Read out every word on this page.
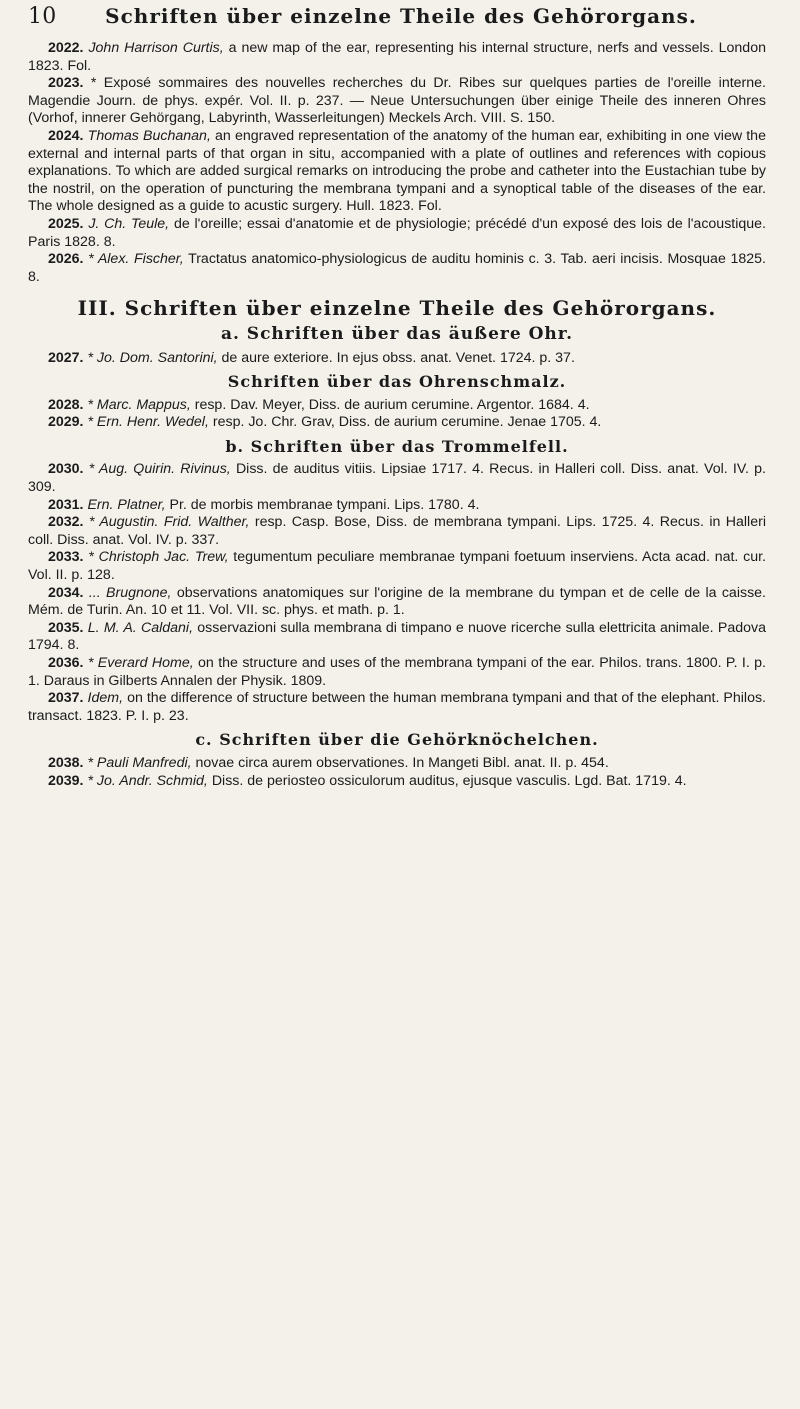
10	Schriften über einzelne Theile des Gehörorgans.

2022. John Harrison Curtis, a new map of the ear, representing his internal structure, nerfs and vessels. London 1823. Fol.

2023. * Exposé sommaires des nouvelles recherches du Dr. Ribes sur quelques parties de l'oreille interne. Magendie Journ. de phys. expér. Vol. II. p. 237. — Neue Untersuchungen über einige Theile des inneren Ohres (Vorhof, innerer Gehörgang, Labyrinth, Wasserleitungen) Meckels Arch. VIII. S. 150.

2024. Thomas Buchanan, an engraved representation of the anatomy of the human ear, exhibiting in one view the external and internal parts of that organ in situ, accompanied with a plate of outlines and references with copious explanations. To which are added surgical remarks on introducing the probe and catheter into the Eustachian tube by the nostril, on the operation of puncturing the membrana tympani and a synoptical table of the diseases of the ear. The whole designed as a guide to acustic surgery. Hull. 1823. Fol.

2025. J. Ch. Teule, de l'oreille; essai d'anatomie et de physiologie; précédé d'un exposé des lois de l'acoustique. Paris 1828. 8.

2026. * Alex. Fischer, Tractatus anatomico-physiologicus de auditu hominis c. 3. Tab. aeri incisis. Mosquae 1825. 8.

III. Schriften über einzelne Theile des Gehörorgans.
a. Schriften über das äußere Ohr.

2027. * Jo. Dom. Santorini, de aure exteriore. In ejus obss. anat. Venet. 1724. p. 37.

Schriften über das Ohrenschmalz.

2028. * Marc. Mappus, resp. Dav. Meyer, Diss. de aurium cerumine. Argentor. 1684. 4.

2029. * Ern. Henr. Wedel, resp. Jo. Chr. Grav, Diss. de aurium cerumine. Jenae 1705. 4.

b. Schriften über das Trommelfell.

2030. * Aug. Quirin. Rivinus, Diss. de auditus vitiis. Lipsiae 1717. 4. Recus. in Halleri coll. Diss. anat. Vol. IV. p. 309.

2031. Ern. Platner, Pr. de morbis membranae tympani. Lips. 1780. 4.

2032. * Augustin. Frid. Walther, resp. Casp. Bose, Diss. de membrana tympani. Lips. 1725. 4. Recus. in Halleri coll. Diss. anat. Vol. IV. p. 337.

2033. * Christoph Jac. Trew, tegumentum peculiare membranae tympani foetuum inserviens. Acta acad. nat. cur. Vol. II. p. 128.

2034. ... Brugnone, observations anatomiques sur l'origine de la membrane du tympan et de celle de la caisse. Mém. de Turin. An. 10 et 11. Vol. VII. sc. phys. et math. p. 1.

2035. L. M. A. Caldani, osservazioni sulla membrana di timpano e nuove ricerche sulla elettricita animale. Padova 1794. 8.

2036. * Everard Home, on the structure and uses of the membrana tympani of the ear. Philos. trans. 1800. P. I. p. 1. Daraus in Gilberts Annalen der Physik. 1809.

2037. Idem, on the difference of structure between the human membrana tympani and that of the elephant. Philos. transact. 1823. P. I. p. 23.

c. Schriften über die Gehörknöchelchen.

2038. * Pauli Manfredi, novae circa aurem observationes. In Mangeti Bibl. anat. II. p. 454.

2039. * Jo. Andr. Schmid, Diss. de periosteo ossiculorum auditus, ejusque vasculis. Lgd. Bat. 1719. 4.
